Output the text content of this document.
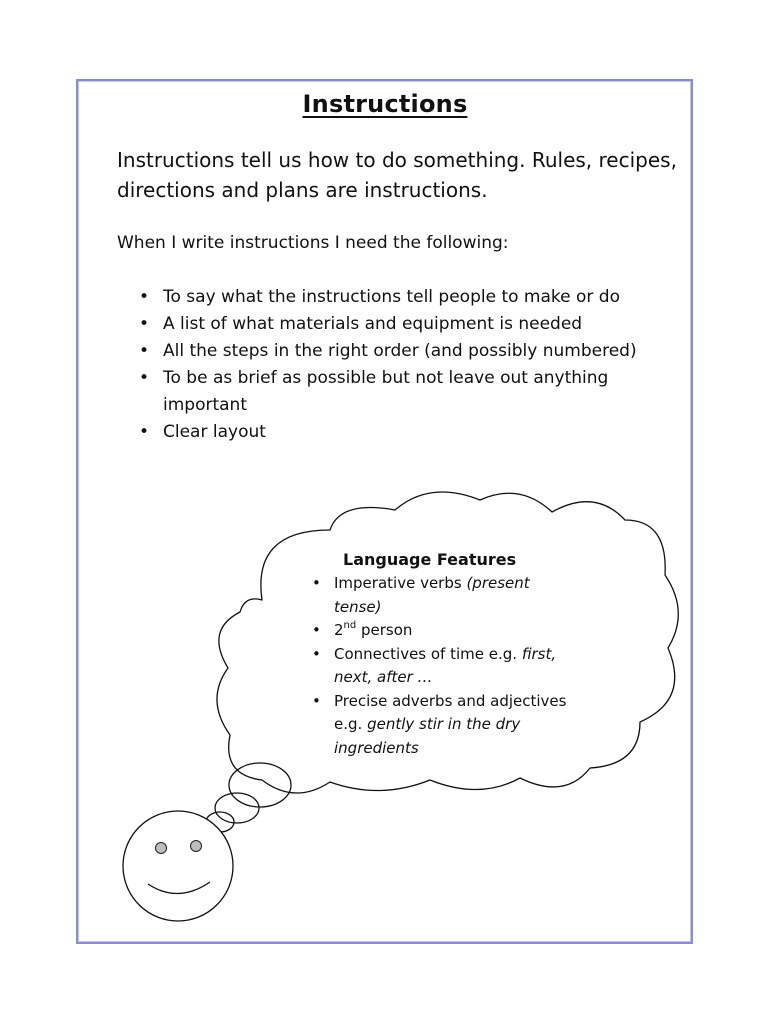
Instructions

Instructions tell us how to do something. Rules, recipes, directions and plans are instructions.

When I write instructions I need the following:

• To say what the instructions tell people to make or do
• A list of what materials and equipment is needed
• All the steps in the right order (and possibly numbered)
• To be as brief as possible but not leave out anything important
• Clear layout
Language Features
• Imperative verbs (present tense)
• 2nd person
• Connectives of time e.g. first, next, after …
• Precise adverbs and adjectives e.g. gently stir in the dry ingredients
